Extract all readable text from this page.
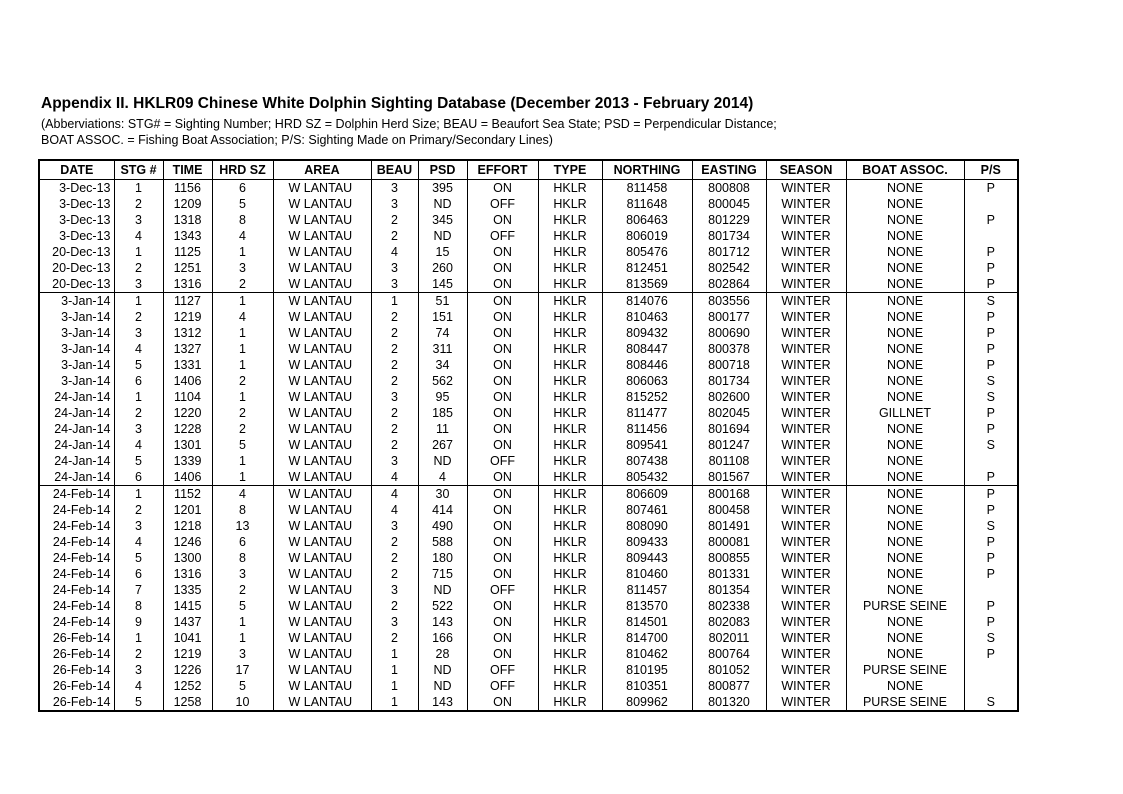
Appendix II. HKLR09 Chinese White Dolphin Sighting Database (December 2013 - February 2014)
(Abberviations: STG# = Sighting Number; HRD SZ = Dolphin Herd Size; BEAU = Beaufort Sea State; PSD = Perpendicular Distance;
BOAT ASSOC. = Fishing Boat Association; P/S: Sighting Made on Primary/Secondary Lines)
DATE	STG #	TIME	HRD SZ	AREA	BEAU	PSD	EFFORT	TYPE	NORTHING	EASTING	SEASON	BOAT ASSOC.	P/S
3-Dec-13	1	1156	6	W LANTAU	3	395	ON	HKLR	811458	800808	WINTER	NONE	P
3-Dec-13	2	1209	5	W LANTAU	3	ND	OFF	HKLR	811648	800045	WINTER	NONE	
3-Dec-13	3	1318	8	W LANTAU	2	345	ON	HKLR	806463	801229	WINTER	NONE	P
3-Dec-13	4	1343	4	W LANTAU	2	ND	OFF	HKLR	806019	801734	WINTER	NONE	
20-Dec-13	1	1125	1	W LANTAU	4	15	ON	HKLR	805476	801712	WINTER	NONE	P
20-Dec-13	2	1251	3	W LANTAU	3	260	ON	HKLR	812451	802542	WINTER	NONE	P
20-Dec-13	3	1316	2	W LANTAU	3	145	ON	HKLR	813569	802864	WINTER	NONE	P
3-Jan-14	1	1127	1	W LANTAU	1	51	ON	HKLR	814076	803556	WINTER	NONE	S
3-Jan-14	2	1219	4	W LANTAU	2	151	ON	HKLR	810463	800177	WINTER	NONE	P
3-Jan-14	3	1312	1	W LANTAU	2	74	ON	HKLR	809432	800690	WINTER	NONE	P
3-Jan-14	4	1327	1	W LANTAU	2	311	ON	HKLR	808447	800378	WINTER	NONE	P
3-Jan-14	5	1331	1	W LANTAU	2	34	ON	HKLR	808446	800718	WINTER	NONE	P
3-Jan-14	6	1406	2	W LANTAU	2	562	ON	HKLR	806063	801734	WINTER	NONE	S
24-Jan-14	1	1104	1	W LANTAU	3	95	ON	HKLR	815252	802600	WINTER	NONE	S
24-Jan-14	2	1220	2	W LANTAU	2	185	ON	HKLR	811477	802045	WINTER	GILLNET	P
24-Jan-14	3	1228	2	W LANTAU	2	11	ON	HKLR	811456	801694	WINTER	NONE	P
24-Jan-14	4	1301	5	W LANTAU	2	267	ON	HKLR	809541	801247	WINTER	NONE	S
24-Jan-14	5	1339	1	W LANTAU	3	ND	OFF	HKLR	807438	801108	WINTER	NONE	
24-Jan-14	6	1406	1	W LANTAU	4	4	ON	HKLR	805432	801567	WINTER	NONE	P
24-Feb-14	1	1152	4	W LANTAU	4	30	ON	HKLR	806609	800168	WINTER	NONE	P
24-Feb-14	2	1201	8	W LANTAU	4	414	ON	HKLR	807461	800458	WINTER	NONE	P
24-Feb-14	3	1218	13	W LANTAU	3	490	ON	HKLR	808090	801491	WINTER	NONE	S
24-Feb-14	4	1246	6	W LANTAU	2	588	ON	HKLR	809433	800081	WINTER	NONE	P
24-Feb-14	5	1300	8	W LANTAU	2	180	ON	HKLR	809443	800855	WINTER	NONE	P
24-Feb-14	6	1316	3	W LANTAU	2	715	ON	HKLR	810460	801331	WINTER	NONE	P
24-Feb-14	7	1335	2	W LANTAU	3	ND	OFF	HKLR	811457	801354	WINTER	NONE	
24-Feb-14	8	1415	5	W LANTAU	2	522	ON	HKLR	813570	802338	WINTER	PURSE SEINE	P
24-Feb-14	9	1437	1	W LANTAU	3	143	ON	HKLR	814501	802083	WINTER	NONE	P
26-Feb-14	1	1041	1	W LANTAU	2	166	ON	HKLR	814700	802011	WINTER	NONE	S
26-Feb-14	2	1219	3	W LANTAU	1	28	ON	HKLR	810462	800764	WINTER	NONE	P
26-Feb-14	3	1226	17	W LANTAU	1	ND	OFF	HKLR	810195	801052	WINTER	PURSE SEINE	
26-Feb-14	4	1252	5	W LANTAU	1	ND	OFF	HKLR	810351	800877	WINTER	NONE	
26-Feb-14	5	1258	10	W LANTAU	1	143	ON	HKLR	809962	801320	WINTER	PURSE SEINE	S
